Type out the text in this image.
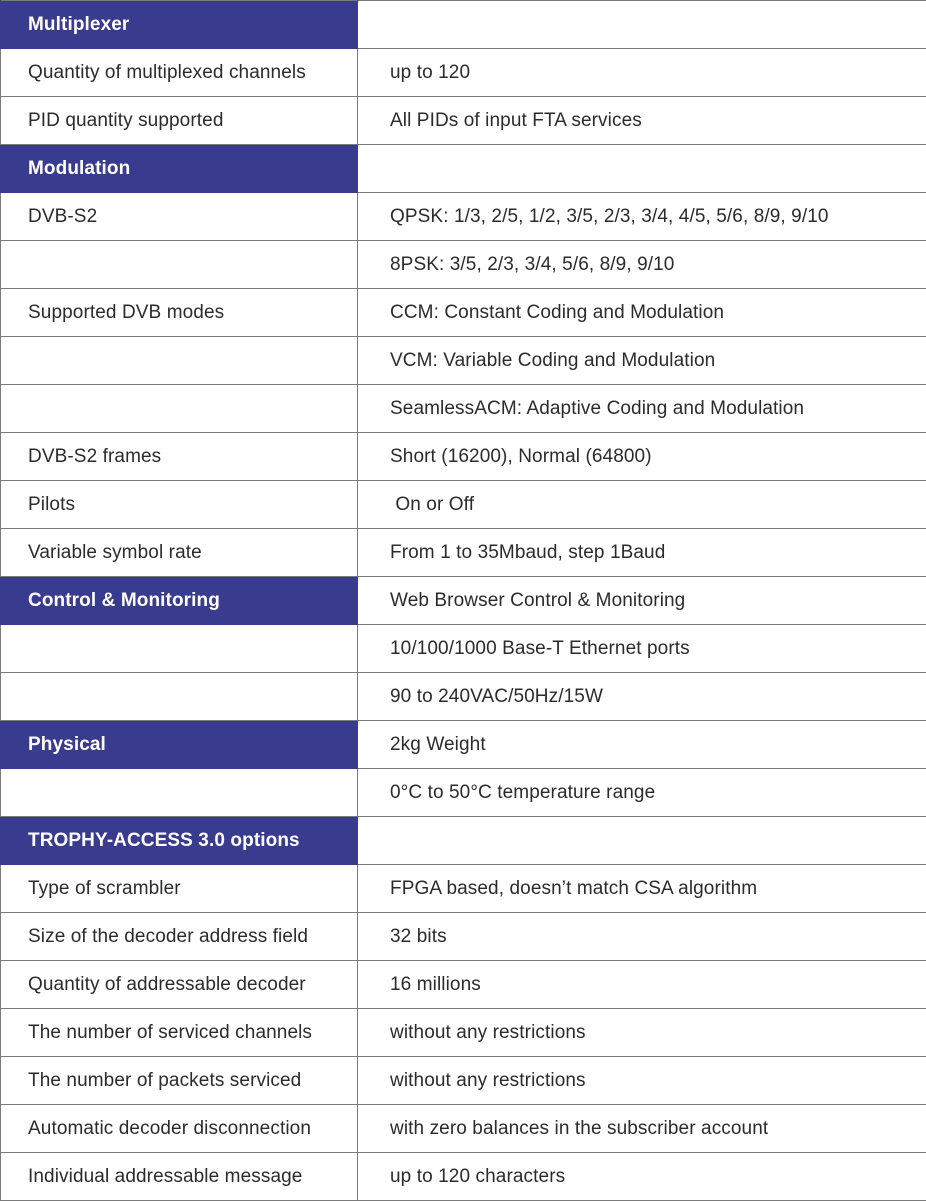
Multiplexer	
Quantity of multiplexed channels	up to 120
PID quantity supported	All PIDs of input FTA services
Modulation	
DVB-S2	QPSK: 1/3, 2/5, 1/2, 3/5, 2/3, 3/4, 4/5, 5/6, 8/9, 9/10
	8PSK: 3/5, 2/3, 3/4, 5/6, 8/9, 9/10
Supported DVB modes	CCM: Constant Coding and Modulation
	VCM: Variable Coding and Modulation
	SeamlessACM: Adaptive Coding and Modulation
DVB-S2 frames	Short (16200), Normal (64800)
Pilots	On or Off
Variable symbol rate	From 1 to 35Mbaud, step 1Baud
Control & Monitoring	Web Browser Control & Monitoring
	10/100/1000 Base-T Ethernet ports
	90 to 240VAC/50Hz/15W
Physical	2kg Weight
	0°C to 50°C temperature range
TROPHY-ACCESS 3.0 options	
Type of scrambler	FPGA based, doesn’t match CSA algorithm
Size of the decoder address field	32 bits
Quantity of addressable decoder	16 millions
The number of serviced channels	without any restrictions
The number of packets serviced	without any restrictions
Automatic decoder disconnection	with zero balances in the subscriber account
Individual addressable message	up to 120 characters
